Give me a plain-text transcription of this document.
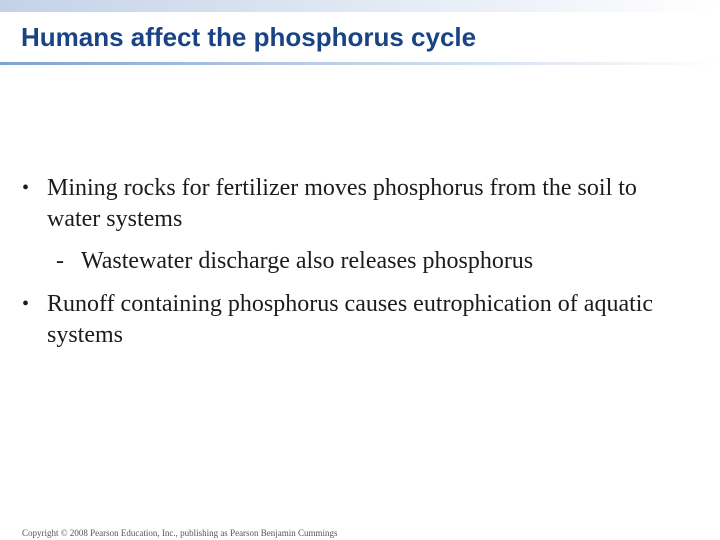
Humans affect the phosphorus cycle
• Mining rocks for fertilizer moves phosphorus from the soil to water systems
- Wastewater discharge also releases phosphorus
• Runoff containing phosphorus causes eutrophication of aquatic systems
Copyright © 2008 Pearson Education, Inc., publishing as Pearson Benjamin Cummings
